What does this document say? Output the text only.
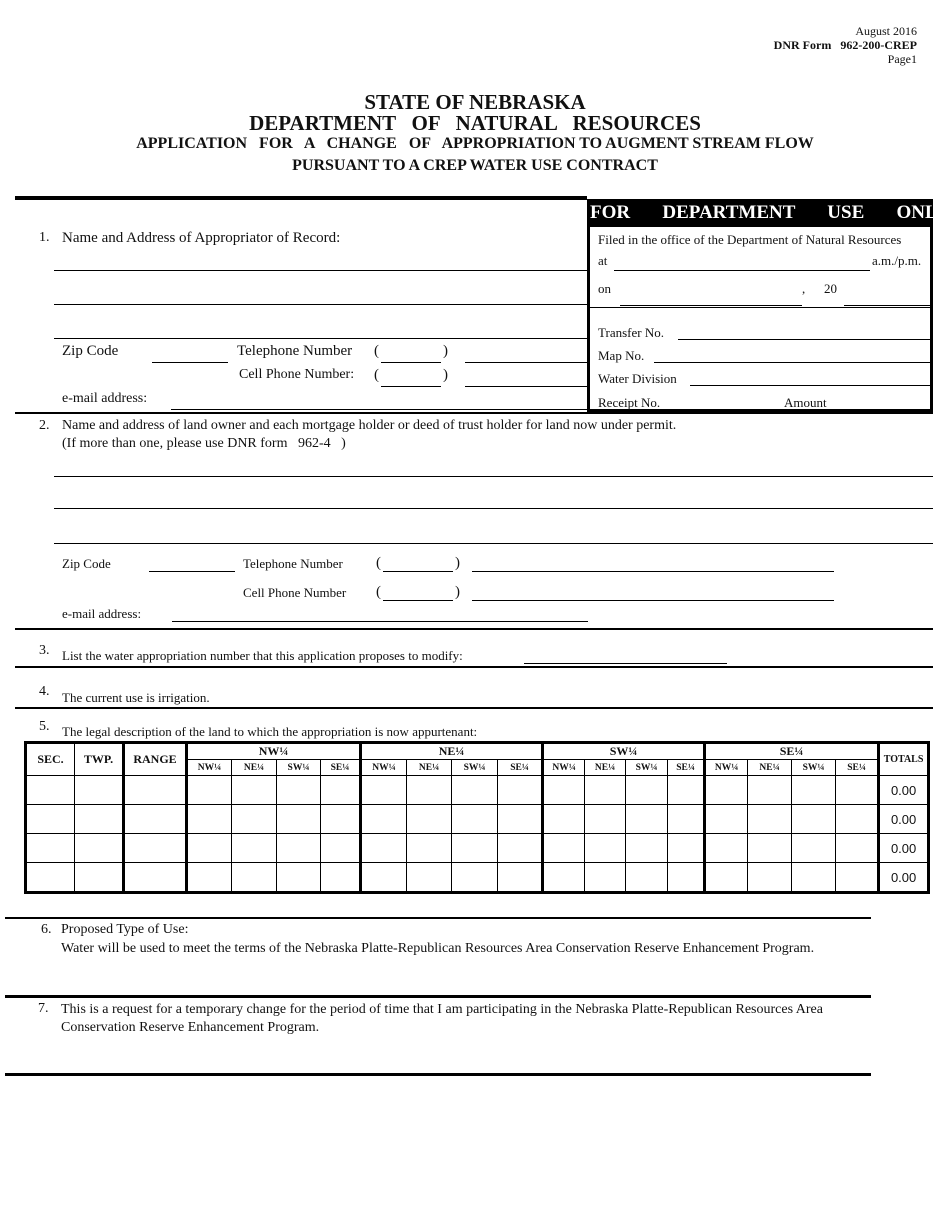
August 2016
DNR Form 962-200-CREP
Page1
STATE OF NEBRASKA
DEPARTMENT   OF   NATURAL   RESOURCES
APPLICATION   FOR   A   CHANGE   OF   APPROPRIATION TO AUGMENT STREAM FLOW
PURSUANT TO A CREP WATER USE CONTRACT
FOR   DEPARTMENT   USE   ONLY
Filed in the office of the Department of Natural Resources
at	a.m./p.m.
on	, 20
Transfer No.
Map No.
Water Division
Receipt No.	Amount
1. Name and Address of Appropriator of Record:
Zip Code	Telephone Number (	)
Cell Phone Number: (	)
e-mail address:
2. Name and address of land owner and each mortgage holder or deed of trust holder for land now under permit.
(If more than one, please use DNR form   962-4   )
Zip Code	Telephone Number (	)
Cell Phone Number (	)
e-mail address:
3. List the water appropriation number that this application proposes to modify:
4. The current use is irrigation.
5. The legal description of the land to which the appropriation is now appurtenant:
SEC.	TWP.	RANGE	NW¼				NE¼				SW¼				SE¼				TOTALS
			NW¼	NE¼	SW¼	SE¼	NW¼	NE¼	SW¼	SE¼	NW¼	NE¼	SW¼	SE¼	NW¼	NE¼	SW¼	SE¼	
																			0.00
																			0.00
																			0.00
																			0.00
6. Proposed Type of Use:
Water will be used to meet the terms of the Nebraska Platte-Republican Resources Area Conservation Reserve Enhancement Program.
7. This is a request for a temporary change for the period of time that I am participating in the Nebraska Platte-Republican Resources Area Conservation Reserve Enhancement Program.
